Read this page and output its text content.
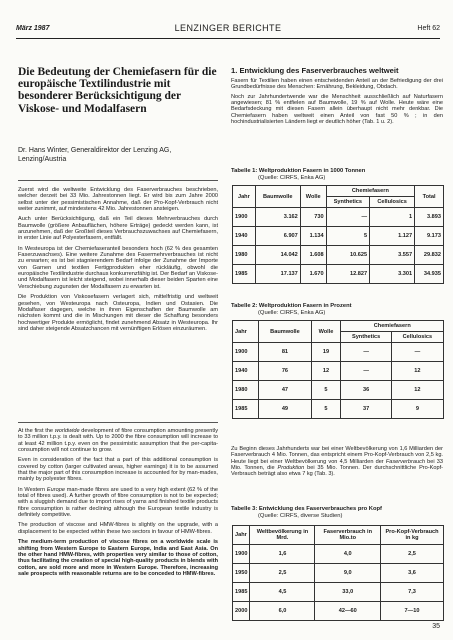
März 1987	LENZINGER BERICHTE	Heft 62
Die Bedeutung der Chemiefasern für die europäische Textilindustrie mit besonderer Berücksichtigung der Viskose- und Modalfasern
Dr. Hans Winter, Generaldirektor der Lenzing AG, Lenzing/Austria

Zuerst wird die weltweite Entwicklung des Faserverbrauches beschrieben, welcher derzeit bei 33 Mio. Jahrestonnen liegt. Er wird bis zum Jahre 2000 selbst unter der pessimistischen Annahme, daß der Pro-Kopf-Verbrauch nicht weiter zunimmt, auf mindestens 42 Mio. Jahrestonnen ansteigen.

Auch unter Berücksichtigung, daß ein Teil dieses Mehrverbrauches durch Baumwolle (größere Anbauflächen, höhere Erträge) gedeckt werden kann, ist anzunehmen, daß der Großteil dieses Verbrauchszuwachses auf Chemiefasern, in erster Linie auf Polyesterfasern, entfällt.

In Westeuropa ist der Chemiefaseranteil besonders hoch (62 % des gesamten Faserzuwachses). Eine weitere Zunahme des Fasermehrverbrauches ist nicht zu erwarten; es ist bei stagnierendem Bedarf infolge der Zunahme der Importe von Garnen und textilen Fertigprodukten eher rückläufig, obwohl die europäische Textilindustrie durchaus konkurrenzfähig ist. Der Bedarf an Viskose- und Modalfasern ist leicht steigend, wobei innerhalb dieser beiden Sparten eine Verschiebung zugunsten der Modalfasern zu erwarten ist.

Die Produktion von Viskosefasern verlagert sich, mittelfristig und weltweit gesehen, von Westeuropa nach Osteuropa, Indien und Ostasien. Die Modalfaser dagegen, welche in ihren Eigenschaften der Baumwolle am nächsten kommt und die in Mischungen mit dieser die Schaffung besonders hochwertiger Produkte ermöglicht, findet zunehmend Absatz in Westeuropa. Ihr sind daher steigende Absatzchancen mit vernünftigen Erlösen einzuräumen.

At the first the worldwide development of fibre consumption amounting presently to 33 million t.p.y. is dealt with. Up to 2000 the fibre consumption will increase to at least 42 million t.p.y. even on the pessimistic assumption that the per-capita-consumption will not continue to grow.

Even in consideration of the fact that a part of this additional consumption is covered by cotton (larger cultivated areas, higher earnings) it is to be assumed that the major part of this consumption increase is accounted for by man-mades, mainly by polyester fibres.

In Western Europe man-made fibres are used to a very high extent (62 % of the total of fibres used). A further growth of fibre consumption is not to be expected; with a sluggish demand due to import rises of yarns and finished textile products fibre consumption is rather declining although the European textile industry is definitely competitive.

The production of viscose and HMW-fibres is slightly on the upgrade, with a displacement to be expected within these two sectors in favour of HMW-fibres.

The medium-term production of viscose fibres on a worldwide scale is shifting from Western Europe to Eastern Europe, India and East Asia. On the other hand HMW-fibres, with properties very similar to those of cotton, thus facilitating the creation of special high-quality products in blends with cotton, are sold more and more in Western Europe. Therefore, increasing sale prospects with reasonable returns are to be conceded to HMW-fibres.

1. Entwicklung des Faserverbrauches weltweit

Fasern für Textilien haben einen entscheidenden Anteil an der Befriedigung der drei Grundbedürfnisse des Menschen: Ernährung, Bekleidung, Obdach.

Noch zur Jahrhundertwende war die Menschheit ausschließlich auf Naturfasern angewiesen; 81 % entfielen auf Baumwolle, 19 % auf Wolle. Heute wäre eine Bedarfsdeckung mit diesen Fasern allein überhaupt nicht mehr denkbar. Die Chemiefasern haben weltweit einen Anteil von fast 50 % ; in den hochindustrialisierten Ländern liegt er deutlich höher (Tab. 1 u. 2).

Tabelle 1: Weltproduktion Fasern in 1000 Tonnen
(Quelle: CIRFS, Enka AG)
Jahr	Baumwolle	Wolle	Chemiefasern		Total
			Synthetics	Cellulosics	
1900	3.162	730	—	1	3.893
1940	6.907	1.134	5	1.127	9.173
1980	14.042	1.608	10.625	3.557	29.832
1985	17.137	1.670	12.827	3.301	34.935
Tabelle 2: Weltproduktion Fasern in Prozent
(Quelle: CIRFS, Enka AG)
Jahr	Baumwolle	Wolle	Chemiefasern	
			Synthetics	Cellulosics
1900	81	19	—	—
1940	76	12	—	12
1980	47	5	36	12
1985	49	5	37	9

Zu Beginn dieses Jahrhunderts war bei einer Weltbevölkerung von 1,6 Milliarden der Faserverbrauch 4 Mio. Tonnen, das entspricht einem Pro-Kopf-Verbrauch von 2,5 kg. Heute liegt bei einer Weltbevölkerung von 4,5 Milliarden der Faserverbrauch bei 33 Mio. Tonnen, die Produktion bei 35 Mio. Tonnen. Der durchschnittliche Pro-Kopf-Verbrauch beträgt also etwa 7 kg (Tab. 3).

Tabelle 3: Entwicklung des Faserverbrauches pro Kopf
(Quelle: CIRFS, diverse Studien)
Jahr	Weltbevölkerung in Mrd.	Faserverbrauch in Mio.to	Pro-Kopf-Verbrauch in kg
1900	1,6	4,0	2,5
1950	2,5	9,0	3,6
1985	4,5	33,0	7,3
2000	6,0	42—60	7—10
35
